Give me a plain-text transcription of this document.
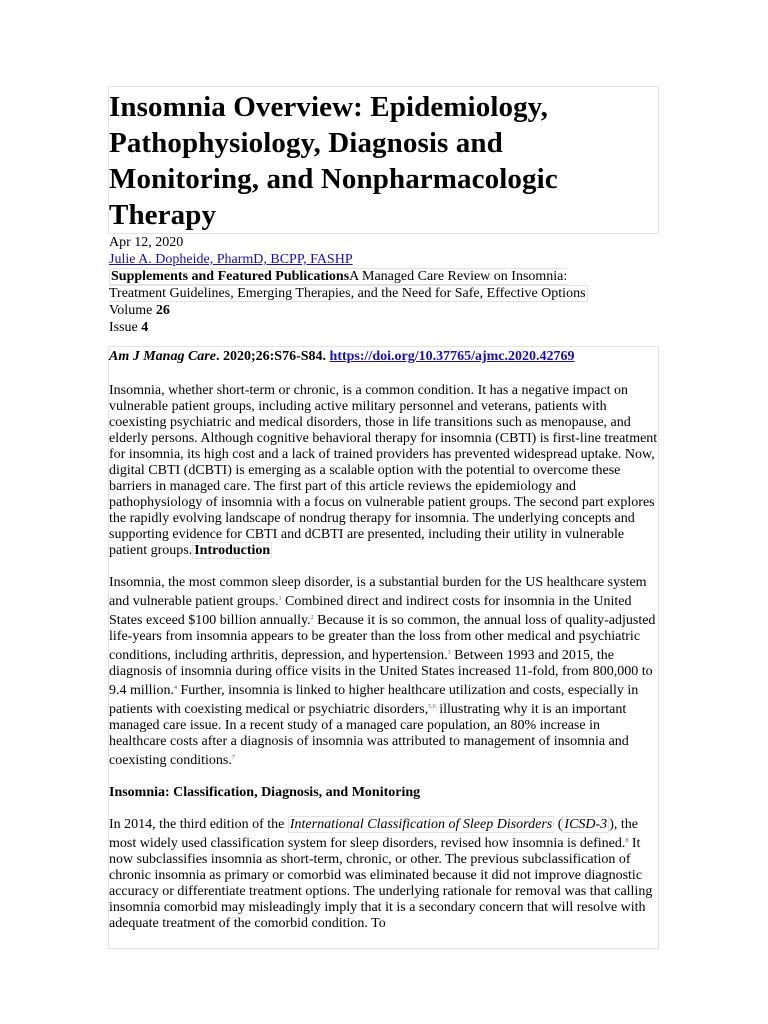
Insomnia Overview: Epidemiology, Pathophysiology, Diagnosis and Monitoring, and Nonpharmacologic Therapy
Apr 12, 2020
Julie A. Dopheide, PharmD, BCPP, FASHP
Supplements and Featured PublicationsA Managed Care Review on Insomnia: Treatment Guidelines, Emerging Therapies, and the Need for Safe, Effective Options
Volume 26
Issue 4

Am J Manag Care. 2020;26:S76-S84. https://doi.org/10.37765/ajmc.2020.42769

Insomnia, whether short-term or chronic, is a common condition. It has a negative impact on vulnerable patient groups, including active military personnel and veterans, patients with coexisting psychiatric and medical disorders, those in life transitions such as menopause, and elderly persons. Although cognitive behavioral therapy for insomnia (CBTI) is first-line treatment for insomnia, its high cost and a lack of trained providers has prevented widespread uptake. Now, digital CBTI (dCBTI) is emerging as a scalable option with the potential to overcome these barriers in managed care. The first part of this article reviews the epidemiology and pathophysiology of insomnia with a focus on vulnerable patient groups. The second part explores the rapidly evolving landscape of nondrug therapy for insomnia. The underlying concepts and supporting evidence for CBTI and dCBTI are presented, including their utility in vulnerable patient groups. Introduction

Insomnia, the most common sleep disorder, is a substantial burden for the US healthcare system and vulnerable patient groups.$^1$ Combined direct and indirect costs for insomnia in the United States exceed $100 billion annually.$^2$ Because it is so common, the annual loss of quality-adjusted life-years from insomnia appears to be greater than the loss from other medical and psychiatric conditions, including arthritis, depression, and hypertension.$^3$ Between 1993 and 2015, the diagnosis of insomnia during office visits in the United States increased 11-fold, from 800,000 to 9.4 million.$^4$ Further, insomnia is linked to higher healthcare utilization and costs, especially in patients with coexisting medical or psychiatric disorders,$^{5,6}$ illustrating why it is an important managed care issue. In a recent study of a managed care population, an 80% increase in healthcare costs after a diagnosis of insomnia was attributed to management of insomnia and coexisting conditions.$^7$

Insomnia: Classification, Diagnosis, and Monitoring

In 2014, the third edition of the International Classification of Sleep Disorders ( ICSD-3 ), the most widely used classification system for sleep disorders, revised how insomnia is defined.$^8$ It now subclassifies insomnia as short-term, chronic, or other. The previous subclassification of chronic insomnia as primary or comorbid was eliminated because it did not improve diagnostic accuracy or differentiate treatment options. The underlying rationale for removal was that calling insomnia comorbid may misleadingly imply that it is a secondary concern that will resolve with adequate treatment of the comorbid condition. To
